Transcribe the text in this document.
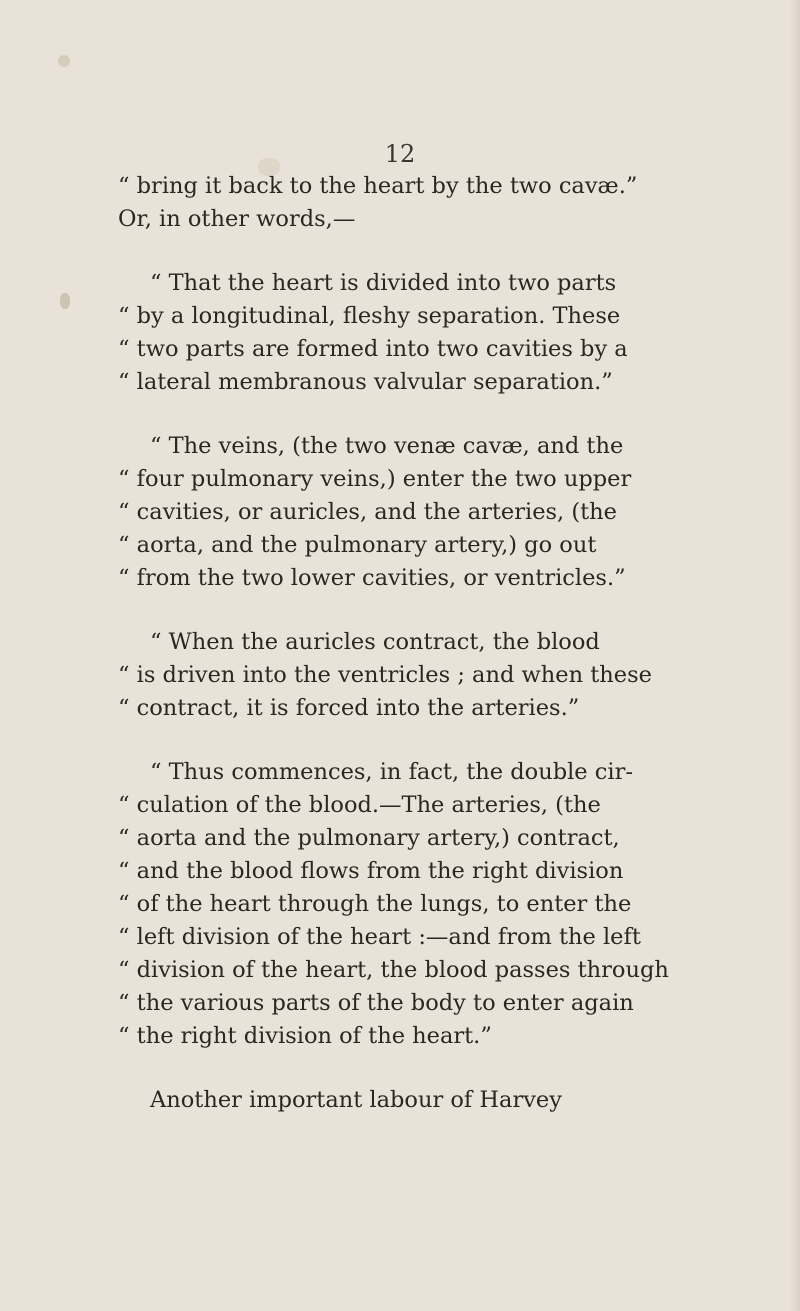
12

“ bring it back to the heart by the two cavæ.”
Or, in other words,—

“ That the heart is divided into two parts
“ by a longitudinal, fleshy separation. These
“ two parts are formed into two cavities by a
“ lateral membranous valvular separation.”

“ The veins, (the two venæ cavæ, and the
“ four pulmonary veins,) enter the two upper
“ cavities, or auricles, and the arteries, (the
“ aorta, and the pulmonary artery,) go out
“ from the two lower cavities, or ventricles.”

“ When the auricles contract, the blood
“ is driven into the ventricles ; and when these
“ contract, it is forced into the arteries.”

“ Thus commences, in fact, the double cir-
“ culation of the blood.—The arteries, (the
“ aorta and the pulmonary artery,) contract,
“ and the blood flows from the right division
“ of the heart through the lungs, to enter the
“ left division of the heart :—and from the left
“ division of the heart, the blood passes through
“ the various parts of the body to enter again
“ the right division of the heart.”

Another important labour of Harvey
